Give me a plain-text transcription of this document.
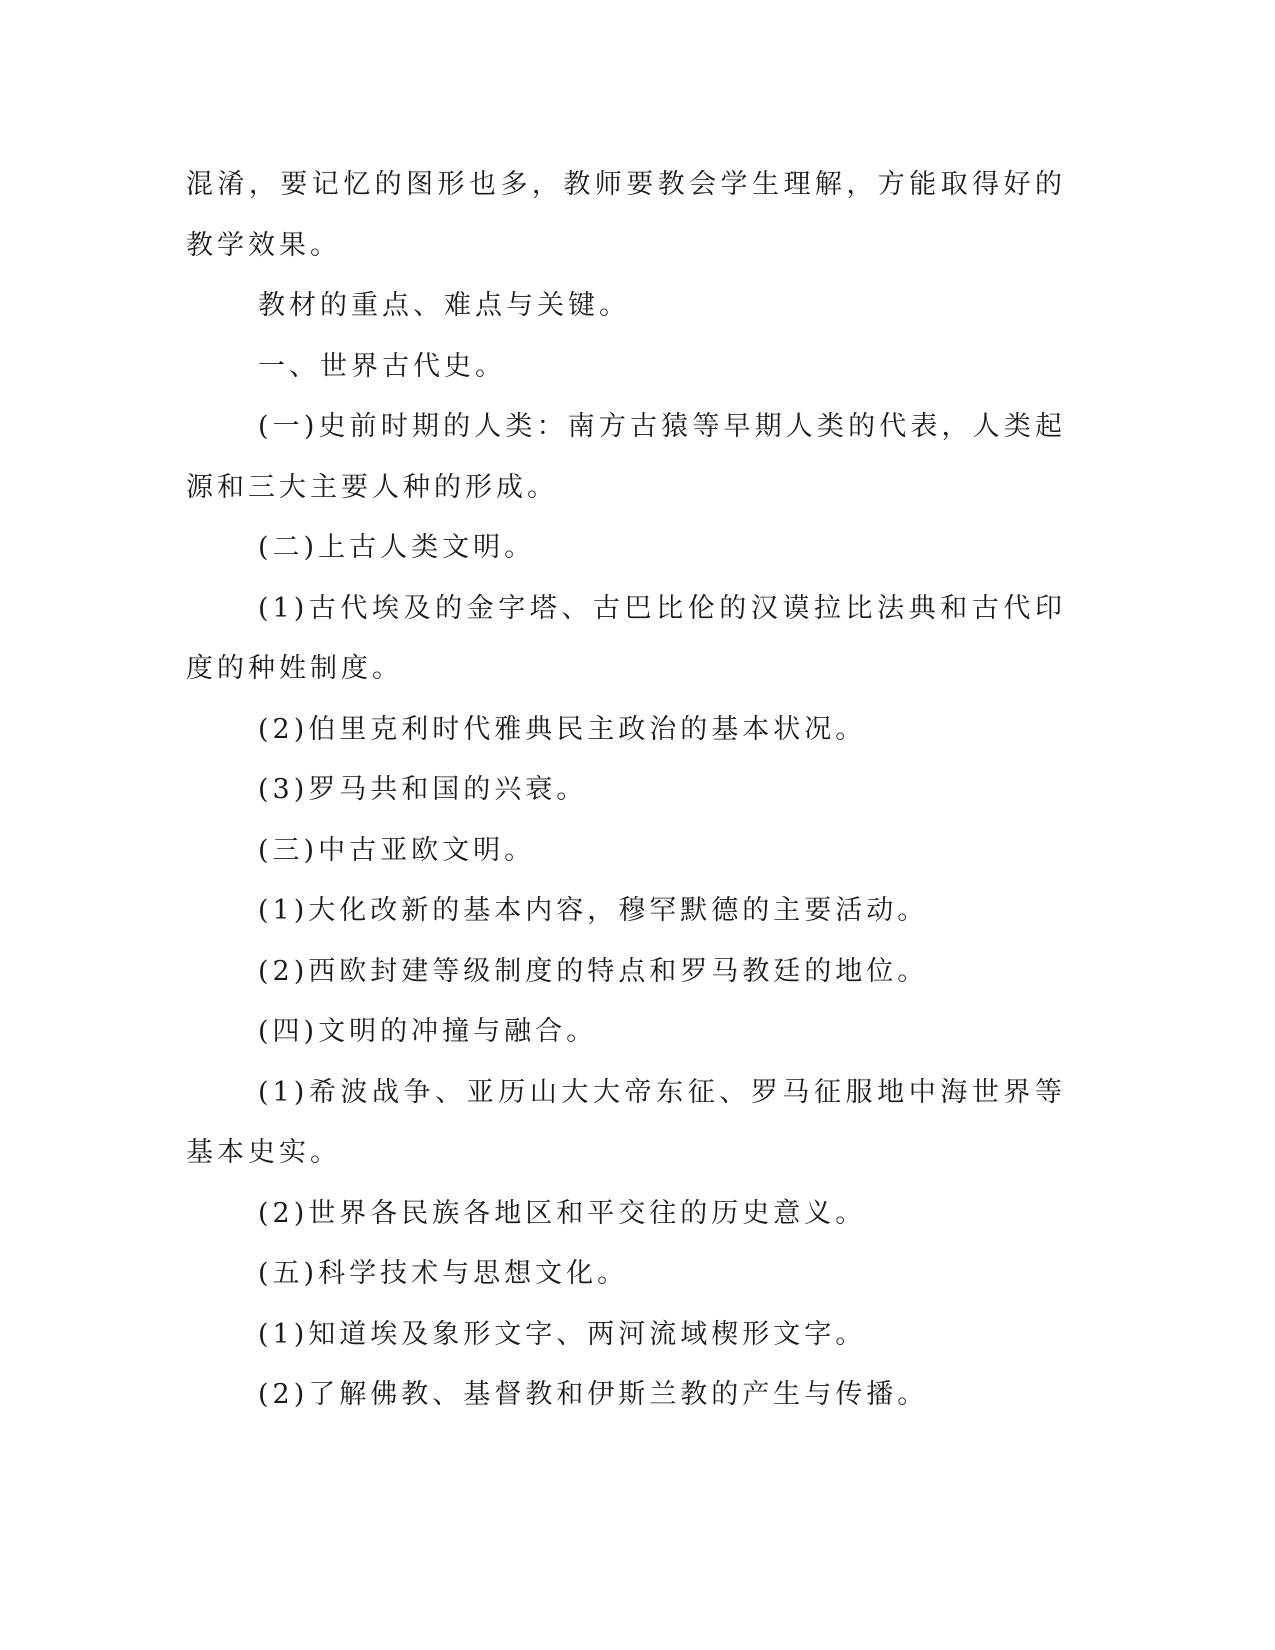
混淆，要记忆的图形也多，教师要教会学生理解，方能取得好的教学效果。

教材的重点、难点与关键。

一、世界古代史。

(一)史前时期的人类：南方古猿等早期人类的代表，人类起源和三大主要人种的形成。

(二)上古人类文明。

(1)古代埃及的金字塔、古巴比伦的汉谟拉比法典和古代印度的种姓制度。

(2)伯里克利时代雅典民主政治的基本状况。

(3)罗马共和国的兴衰。

(三)中古亚欧文明。

(1)大化改新的基本内容，穆罕默德的主要活动。

(2)西欧封建等级制度的特点和罗马教廷的地位。

(四)文明的冲撞与融合。

(1)希波战争、亚历山大大帝东征、罗马征服地中海世界等基本史实。

(2)世界各民族各地区和平交往的历史意义。

(五)科学技术与思想文化。

(1)知道埃及象形文字、两河流域楔形文字。

(2)了解佛教、基督教和伊斯兰教的产生与传播。
